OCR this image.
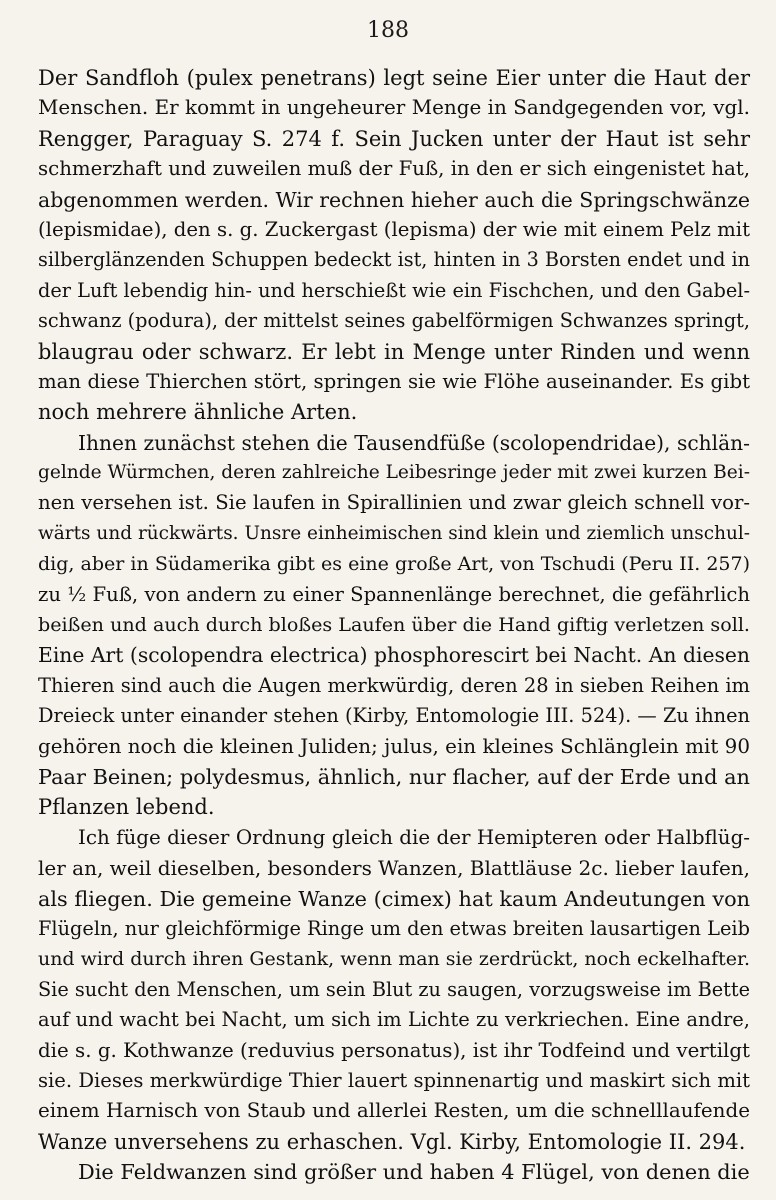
188
Der Sandfloh (pulex penetrans) legt seine Eier unter die Haut der
Menschen. Er kommt in ungeheurer Menge in Sandgegenden vor, vgl.
Rengger, Paraguay S. 274 f. Sein Jucken unter der Haut ist sehr
schmerzhaft und zuweilen muß der Fuß, in den er sich eingenistet hat,
abgenommen werden. Wir rechnen hieher auch die Springschwänze
(lepismidae), den s. g. Zuckergast (lepisma) der wie mit einem Pelz mit
silberglänzenden Schuppen bedeckt ist, hinten in 3 Borsten endet und in
der Luft lebendig hin- und herschießt wie ein Fischchen, und den Gabel-
schwanz (podura), der mittelst seines gabelförmigen Schwanzes springt,
blaugrau oder schwarz. Er lebt in Menge unter Rinden und wenn
man diese Thierchen stört, springen sie wie Flöhe auseinander. Es gibt
noch mehrere ähnliche Arten.
Ihnen zunächst stehen die Tausendfüße (scolopendridae), schlän-
gelnde Würmchen, deren zahlreiche Leibesringe jeder mit zwei kurzen Bei-
nen versehen ist. Sie laufen in Spirallinien und zwar gleich schnell vor-
wärts und rückwärts. Unsre einheimischen sind klein und ziemlich unschul-
dig, aber in Südamerika gibt es eine große Art, von Tschudi (Peru II. 257)
zu ½ Fuß, von andern zu einer Spannenlänge berechnet, die gefährlich
beißen und auch durch bloßes Laufen über die Hand giftig verletzen soll.
Eine Art (scolopendra electrica) phosphorescirt bei Nacht. An diesen
Thieren sind auch die Augen merkwürdig, deren 28 in sieben Reihen im
Dreieck unter einander stehen (Kirby, Entomologie III. 524). — Zu ihnen
gehören noch die kleinen Juliden; julus, ein kleines Schlänglein mit 90
Paar Beinen; polydesmus, ähnlich, nur flacher, auf der Erde und an
Pflanzen lebend.
Ich füge dieser Ordnung gleich die der Hemipteren oder Halbflüg-
ler an, weil dieselben, besonders Wanzen, Blattläuse 2c. lieber laufen,
als fliegen. Die gemeine Wanze (cimex) hat kaum Andeutungen von
Flügeln, nur gleichförmige Ringe um den etwas breiten lausartigen Leib
und wird durch ihren Gestank, wenn man sie zerdrückt, noch eckelhafter.
Sie sucht den Menschen, um sein Blut zu saugen, vorzugsweise im Bette
auf und wacht bei Nacht, um sich im Lichte zu verkriechen. Eine andre,
die s. g. Kothwanze (reduvius personatus), ist ihr Todfeind und vertilgt
sie. Dieses merkwürdige Thier lauert spinnenartig und maskirt sich mit
einem Harnisch von Staub und allerlei Resten, um die schnelllaufende
Wanze unversehens zu erhaschen. Vgl. Kirby, Entomologie II. 294.
Die Feldwanzen sind größer und haben 4 Flügel, von denen die
